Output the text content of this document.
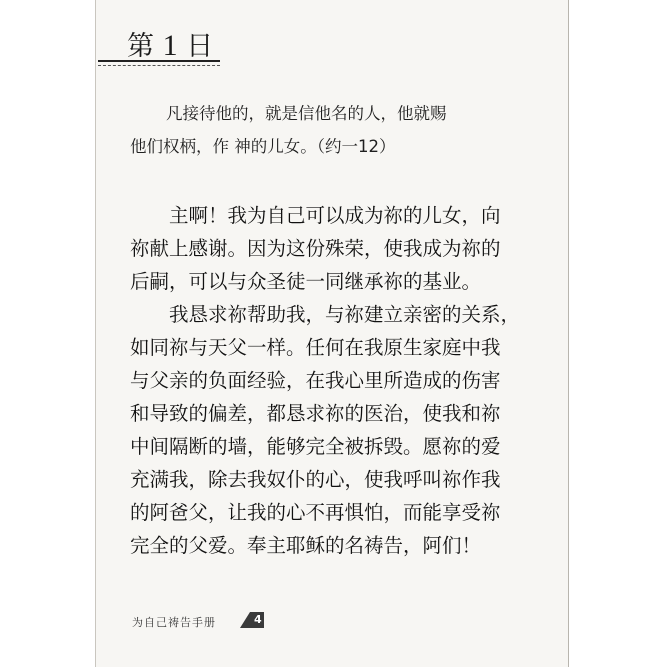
第 1 日

凡接待他的，就是信他名的人，他就赐

他们权柄，作 神的儿女。（约一12）

主啊！我为自己可以成为祢的儿女，向

祢献上感谢。因为这份殊荣，使我成为祢的

后嗣，可以与众圣徒一同继承祢的基业。

我恳求祢帮助我，与祢建立亲密的关系，

如同祢与天父一样。任何在我原生家庭中我

与父亲的负面经验，在我心里所造成的伤害

和导致的偏差，都恳求祢的医治，使我和祢

中间隔断的墙，能够完全被拆毁。愿祢的爱

充满我，除去我奴仆的心，使我呼叫祢作我

的阿爸父，让我的心不再惧怕，而能享受祢

完全的父爱。奉主耶稣的名祷告，阿们！

为自己祷告手册	4
